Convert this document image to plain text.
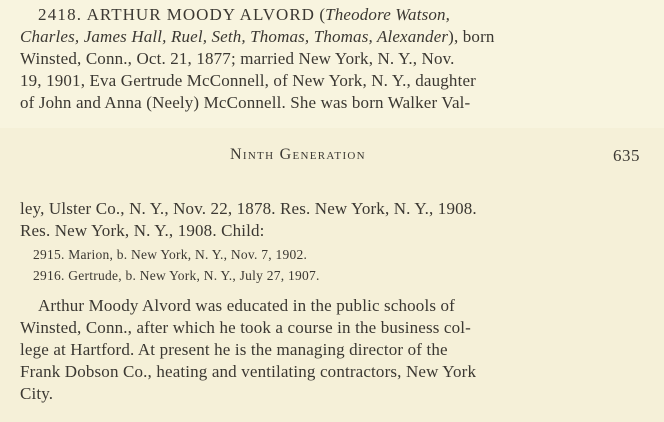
2418. ARTHUR MOODY ALVORD (Theodore Watson,
Charles, James Hall, Ruel, Seth, Thomas, Thomas, Alexander), born
Winsted, Conn., Oct. 21, 1877; married New York, N. Y., Nov.
19, 1901, Eva Gertrude McConnell, of New York, N. Y., daughter
of John and Anna (Neely) McConnell. She was born Walker Val-
Ninth Generation	635
ley, Ulster Co., N. Y., Nov. 22, 1878. Res. New York, N. Y., 1908.
Res. New York, N. Y., 1908. Child:
2915. Marion, b. New York, N. Y., Nov. 7, 1902.
2916. Gertrude, b. New York, N. Y., July 27, 1907.
Arthur Moody Alvord was educated in the public schools of
Winsted, Conn., after which he took a course in the business col-
lege at Hartford. At present he is the managing director of the
Frank Dobson Co., heating and ventilating contractors, New York
City.
